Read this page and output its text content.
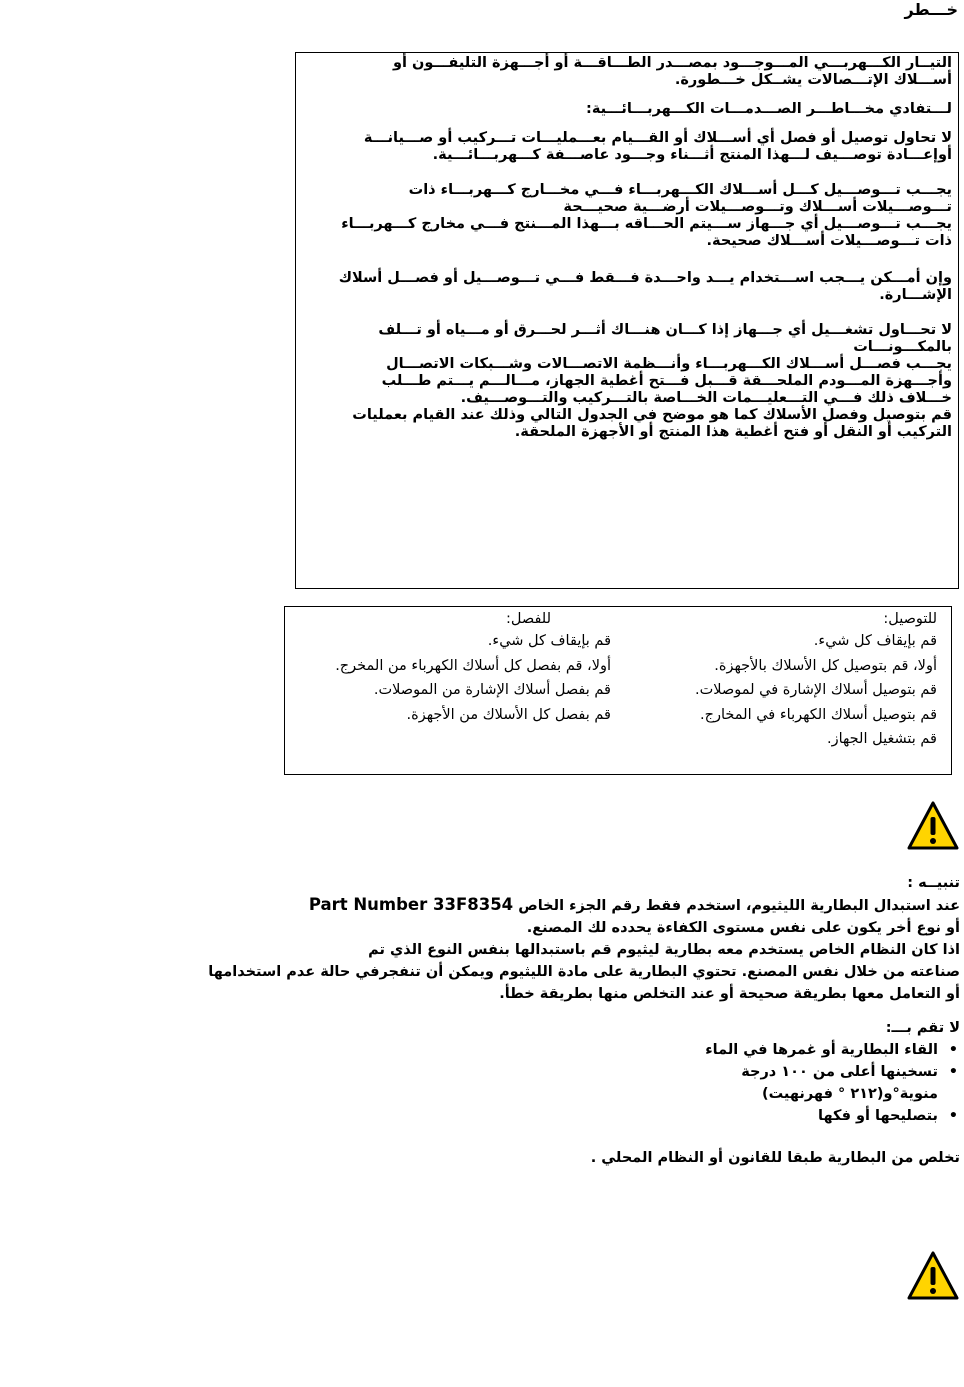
خـــطر

التيــار الكـــهربـــي المـــوجـــود بمصـــدر الطـــاقـــة أو أجـــهزة التليفـــون أو أســـلاك الإتـــصالات يشــكل خـــطورة.

لـــتفادي مخـــاطـــر الصـــدمـــات الكـــهربـــائـــية:

لا تحاول توصيل أو فصل أي أســـلاك أو القـــيام بعـــمليـــات تـــركيب أو صـــيانـــة أوإعـــادة توصـــيف لـــهذا المنتج أثـــناء وجـــود عاصـــفة كـــهربـــائـــية.

يجـــب تـــوصـــيل كـــل أســـلاك الكـــهربـــاء فـــي مخـــارج كـــهربـــاء ذات تـــوصـــيلات أســـلاك وتـــوصـــيلات أرضـــية صحيـــحة

يجـــب تـــوصـــيل أي جـــهاز ســـيتم الحـــاقه بـــهذا المـــنتج فـــي مخارج كـــهربـــاء ذات تـــوصـــيلات أســـلاك صحيحة.

وإن أمـــكن يـــجب اســـتخدام يـــد واحـــدة فـــقط فـــي تـــوصـــيل أو فصـــل أسلاك الإشـــارة.

لا تحـــاول تشغـــيل أي جـــهاز إذا كـــان هنـــاك أثـــر لحـــرق أو مـــياه أو تـــلف بالمكـــونـــات

يجـــب فصـــل أســـلاك الكـــهربـــاء وأنـــظمة الاتصـــالات وشـــبكات الاتصـــال وأجـــهزة المـــودم الملحـــقة قـــبل فـــتح أغطية الجهاز، مـــالـــم يـــتم طـــلب خـــلاف ذلك فـــي التـــعليـــمات الخـــاصة بالتـــركيب والتـــوصـــيف.

قم بتوصيل وفصل الأسلاك كما هو موضح في الجدول التالي وذلك عند القيام بعمليات التركيب أو النقل أو فتح أغطية هذا المنتج أو الأجهزة الملحقة.

للتوصيل:
قم بإيقاف كل شيء.
أولا، قم بتوصيل كل الأسلاك بالأجهزة.
قم بتوصيل أسلاك الإشارة في لموصلات.
قم بتوصيل أسلاك الكهرباء في المخارج.
قم بتشغيل الجهاز.
للفصل:
قم بإيقاف كل شيء.
أولا، قم بفصل كل أسلاك الكهرباء من المخرج.
قم بفصل أسلاك الإشارة من الموصلات.
قم بفصل كل الأسلاك من الأجهزة.
تنبيــه :
عند استبدال البطارية الليثيوم، استخدم فقط رقم الجزء الخاص Part Number 33F8354
أو نوع أخر يكون على نفس مستوى الكفاءة يحدده لك المصنع.
اذا كان النظام الخاص يستخدم معه بطارية ليثيوم قم باستبدالها بنفس النوع الذي تم
صناعته من خلال نفس المصنع. تحتوي البطارية على مادة الليثيوم ويمكن أن تنفجرفي حالة عدم استخدامها
أو التعامل معها بطريقة صحيحة أو عند التخلص منها بطريقة خطأ.
لا تقم بـــ:
• القاء البطارية أو غمرها في الماء
• تسخينها أعلى من ١٠٠ درجة منوية°و(٢١٢ ° فهرنهيت)
• بتصليحها أو فكها
تخلص من البطارية طبقا للقانون أو النظام المحلي .
